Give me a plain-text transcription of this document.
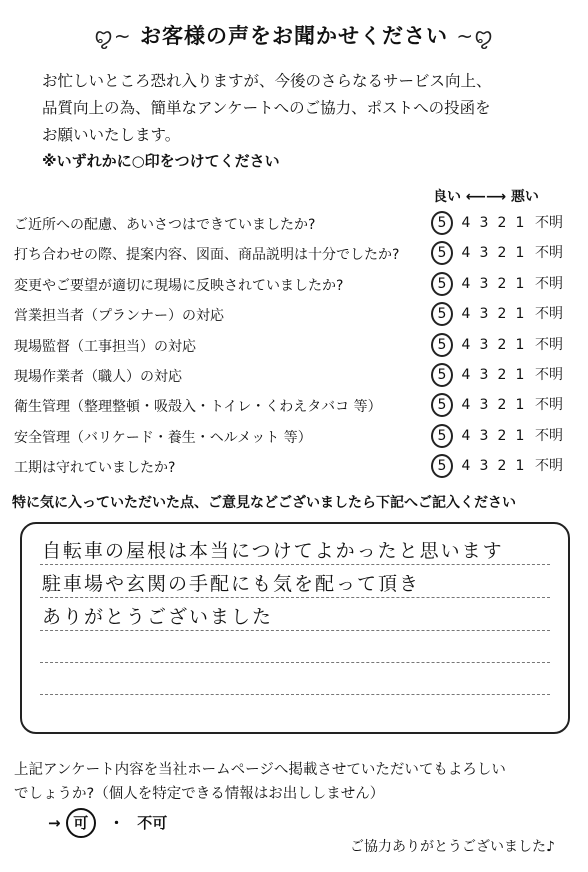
ꨄ~ お客様の声をお聞かせください ~ꨄ
お忙しいところ恐れ入りますが、今後のさらなるサービス向上、
品質向上の為、簡単なアンケートへのご協力、ポストへの投函を
お願いいたします。
※いずれかに○印をつけてください
良い ⟵⟶ 悪い
ご近所への配慮、あいさつはできていましたか?	5 4 3 2 1 不明
打ち合わせの際、提案内容、図面、商品説明は十分でしたか?	5 4 3 2 1 不明
変更やご要望が適切に現場に反映されていましたか?	5 4 3 2 1 不明
営業担当者（プランナー）の対応	5 4 3 2 1 不明
現場監督（工事担当）の対応	5 4 3 2 1 不明
現場作業者（職人）の対応	5 4 3 2 1 不明
衛生管理（整理整頓・吸殻入・トイレ・くわえタバコ 等）	5 4 3 2 1 不明
安全管理（バリケード・養生・ヘルメット 等）	5 4 3 2 1 不明
工期は守れていましたか?	5 4 3 2 1 不明
特に気に入っていただいた点、ご意見などございましたら下記へご記入ください
自転車の屋根は本当につけてよかったと思います
駐車場や玄関の手配にも気を配って頂き
ありがとうございました
上記アンケート内容を当社ホームページへ掲載させていただいてもよろしい
でしょうか?（個人を特定できる情報はお出ししません）
→ 可 ・ 不可
ご協力ありがとうございました♪
